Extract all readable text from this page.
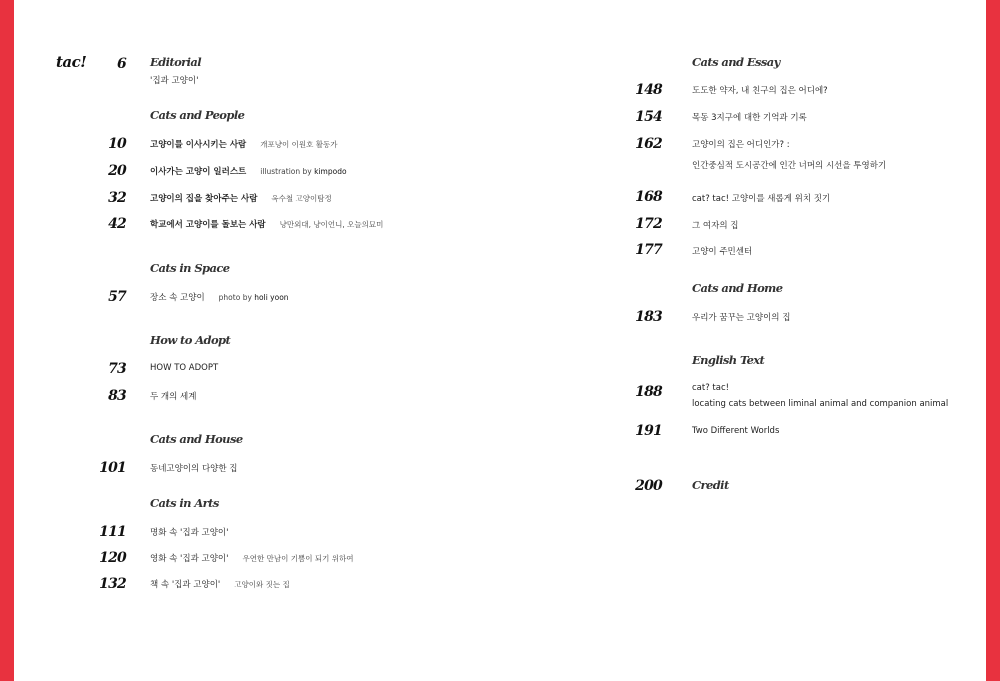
tac!	6 Editorial
'집과 고양이'
Cats and People
10	고양이를 이사시키는 사람 개포냥이 이원호 활동가
20	이사가는 고양이 일러스트 illustration by kimpodo
32	고양이의 집을 찾아주는 사람 옥수철 고양이탐정
42	학교에서 고양이를 돌보는 사람 냥만외대, 냥이언니, 오늘의묘미
Cats in Space
57	장소 속 고양이 photo by holi yoon
How to Adopt
73	HOW TO ADOPT
83	두 개의 세계
Cats and House
101	동네고양이의 다양한 집
Cats in Arts
111	명화 속 '집과 고양이'
120	영화 속 '집과 고양이' 우연한 만남이 기쁨이 되기 위하여
132	책 속 '집과 고양이' 고양이와 짓는 집
Cats and Essay
148	도도한 약자, 내 친구의 집은 어디에?
154	목동 3지구에 대한 기억과 기록
162	고양이의 집은 어디인가? :
인간중심적 도시공간에 인간 너머의 시선을 투영하기
168	cat? tac! 고양이를 새롭게 위치 짓기
172	그 여자의 집
177	고양이 주민센터
Cats and Home
183	우리가 꿈꾸는 고양이의 집
English Text
188	cat? tac!
locating cats between liminal animal and companion animal
191	Two Different Worlds
200	Credit
